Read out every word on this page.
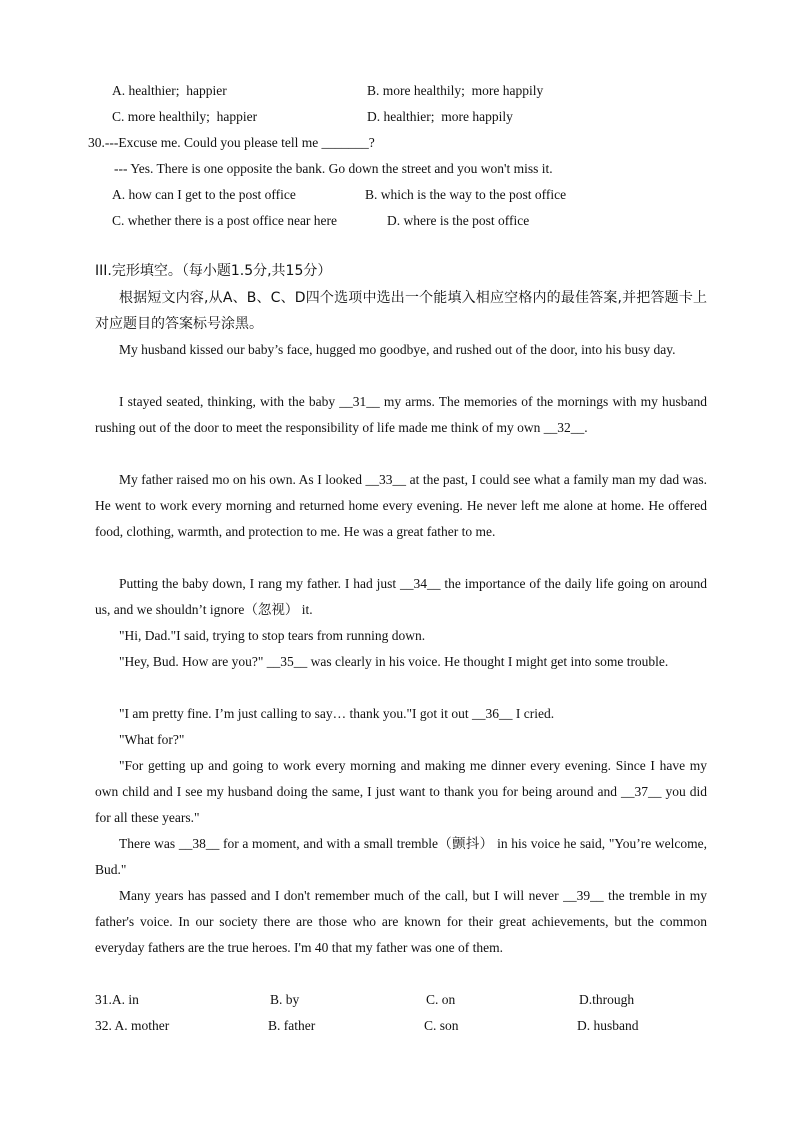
A. healthier;  happier	B. more healthily;  more happily
C. more healthily;  happier	D. healthier;  more happily
30.---Excuse me. Could you please tell me _______?
--- Yes. There is one opposite the bank. Go down the street and you won't miss it.
A. how can I get to the post office	B. which is the way to the post office
C. whether there is a post office near here	D. where is the post office
III.完形填空。（每小题1.5分,共15分）
根据短文内容,从A、B、C、D四个选项中选出一个能填入相应空格内的最佳答案,并把答题卡上对应题目的答案标号涂黑。
My husband kissed our baby’s face, hugged mo goodbye, and rushed out of the door, into his busy day.
I stayed seated, thinking, with the baby __31__ my arms. The memories of the mornings with my husband rushing out of the door to meet the responsibility of life made me think of my own __32__.
My father raised mo on his own. As I looked __33__ at the past, I could see what a family man my dad was. He went to work every morning and returned home every evening. He never left me alone at home. He offered food, clothing, warmth, and protection to me. He was a great father to me.
Putting the baby down, I rang my father. I had just __34__ the importance of the daily life going on around us, and we shouldn’t ignore（忽视） it.
"Hi, Dad."I said, trying to stop tears from running down.
"Hey, Bud. How are you?" __35__ was clearly in his voice. He thought I might get into some trouble.
"I am pretty fine. I’m just calling to say… thank you."I got it out __36__ I cried.
"What for?"
"For getting up and going to work every morning and making me dinner every evening. Since I have my own child and I see my husband doing the same, I just want to thank you for being around and __37__ you did for all these years."
There was __38__ for a moment, and with a small tremble（颤抖） in his voice he said, "You’re welcome, Bud."
Many years has passed and I don't remember much of the call, but I will never __39__ the tremble in my father's voice. In our society there are those who are known for their great achievements, but the common everyday fathers are the true heroes. I'm 40 that my father was one of them.
31.A. in	B. by	C. on	D.through
32. A. mother	B. father	C. son	D. husband
